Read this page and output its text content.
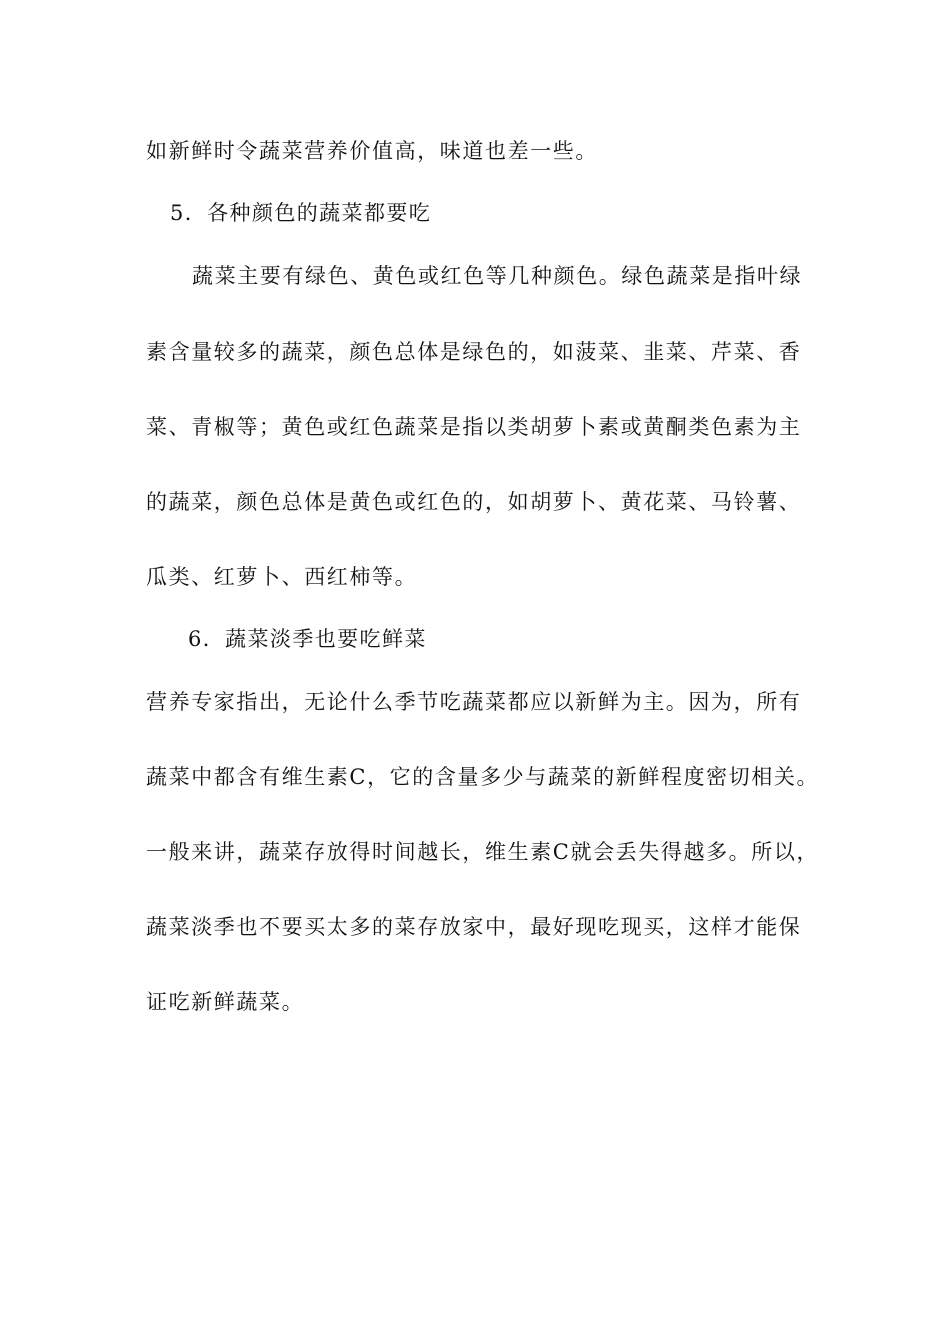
如新鲜时令蔬菜营养价值高，味道也差一些。
5．各种颜色的蔬菜都要吃
蔬菜主要有绿色、黄色或红色等几种颜色。绿色蔬菜是指叶绿
素含量较多的蔬菜，颜色总体是绿色的，如菠菜、韭菜、芹菜、香
菜、青椒等；黄色或红色蔬菜是指以类胡萝卜素或黄酮类色素为主
的蔬菜，颜色总体是黄色或红色的，如胡萝卜、黄花菜、马铃薯、
瓜类、红萝卜、西红柿等。
6．蔬菜淡季也要吃鲜菜
营养专家指出，无论什么季节吃蔬菜都应以新鲜为主。因为，所有
蔬菜中都含有维生素C，它的含量多少与蔬菜的新鲜程度密切相关。
一般来讲，蔬菜存放得时间越长，维生素C就会丢失得越多。所以，
蔬菜淡季也不要买太多的菜存放家中，最好现吃现买，这样才能保
证吃新鲜蔬菜。
